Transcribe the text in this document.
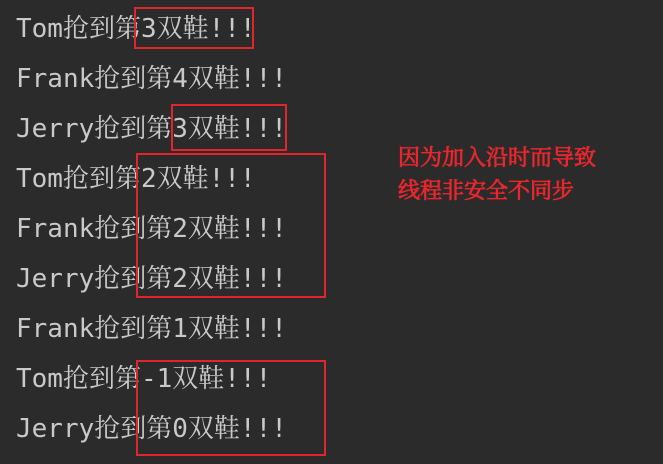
Tom抢到第3双鞋!!!
Frank抢到第4双鞋!!!
Jerry抢到第3双鞋!!!
Tom抢到第2双鞋!!!
Frank抢到第2双鞋!!!
Jerry抢到第2双鞋!!!
Frank抢到第1双鞋!!!
Tom抢到第-1双鞋!!!
Jerry抢到第0双鞋!!!
因为加入沿时而导致
线程非安全不同步
